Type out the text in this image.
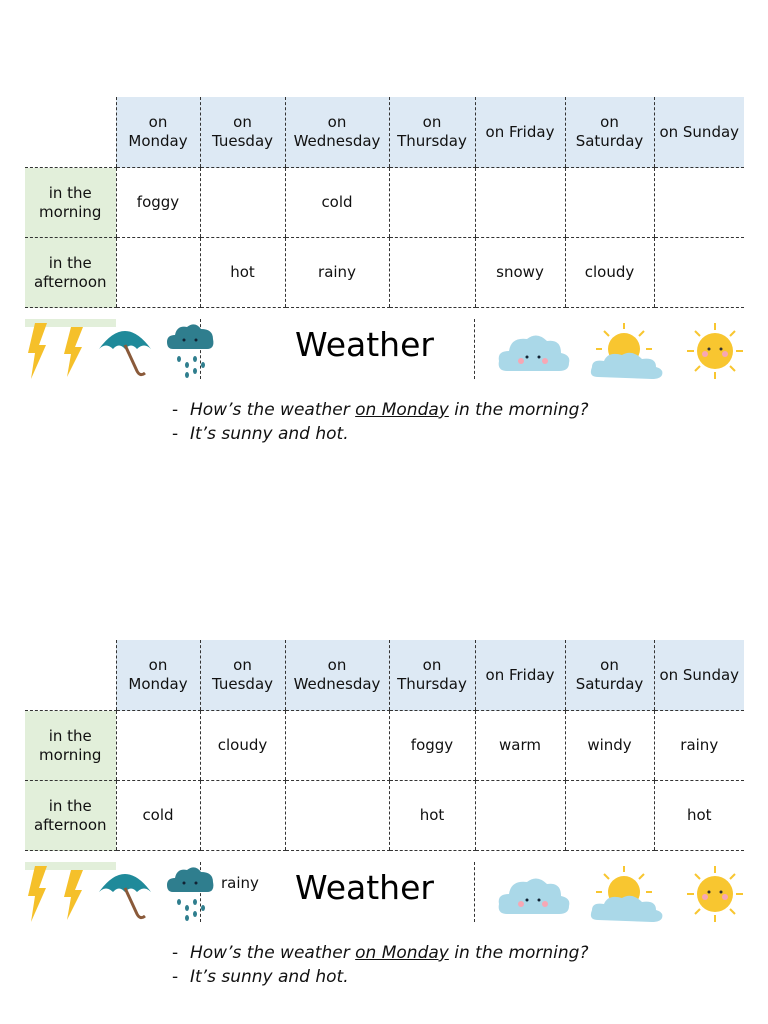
	on Monday	on Tuesday	on Wednesday	on Thursday	on Friday	on Saturday	on Sunday
in the morning	foggy		cold				
in the afternoon		hot	rainy		snowy	cloudy	
Weather
- How’s the weather on Monday in the morning?
- It’s sunny and hot.
	on Monday	on Tuesday	on Wednesday	on Thursday	on Friday	on Saturday	on Sunday
in the morning		cloudy		foggy	warm	windy	rainy
in the afternoon	cold			hot			hot
rainy Weather
- How’s the weather on Monday in the morning?
- It’s sunny and hot.
